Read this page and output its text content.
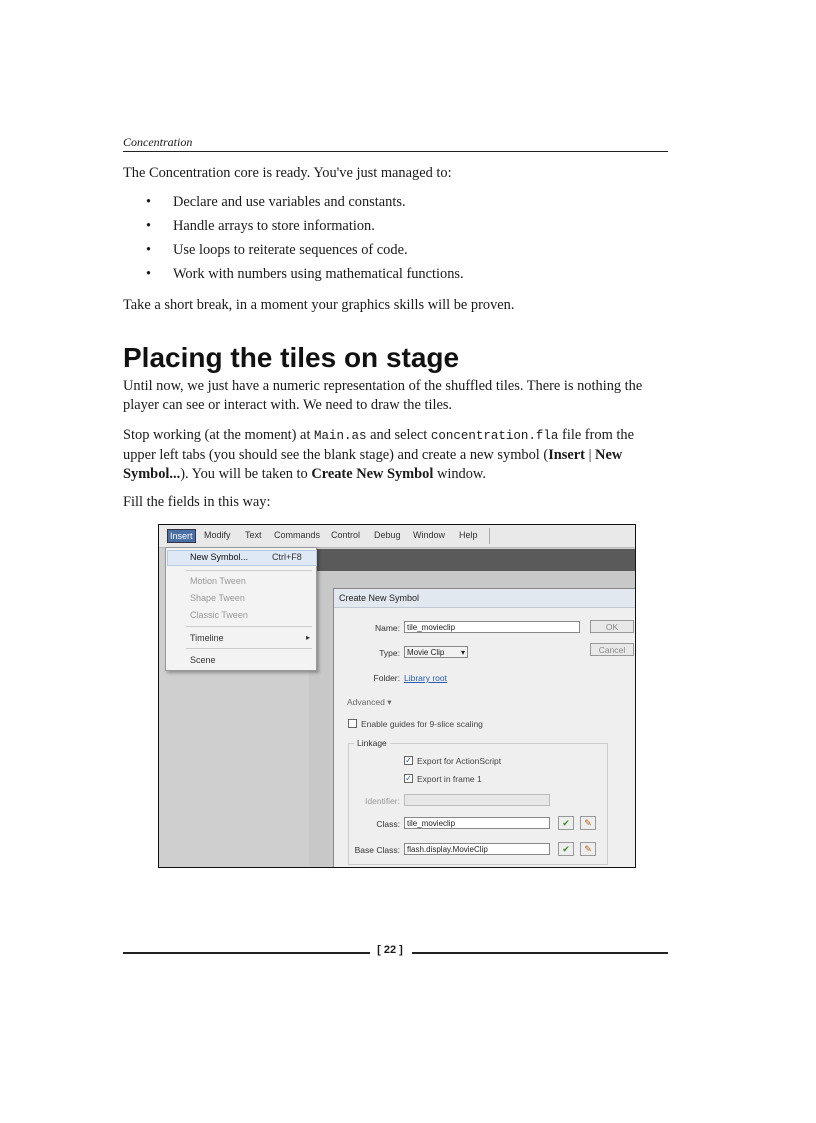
Concentration

The Concentration core is ready. You've just managed to:

• Declare and use variables and constants.
• Handle arrays to store information.
• Use loops to reiterate sequences of code.
• Work with numbers using mathematical functions.

Take a short break, in a moment your graphics skills will be proven.

Placing the tiles on stage

Until now, we just have a numeric representation of the shuffled tiles. There is nothing the player can see or interact with. We need to draw the tiles.

Stop working (at the moment) at Main.as and select concentration.fla file from the upper left tabs (you should see the blank stage) and create a new symbol (Insert | New Symbol...). You will be taken to Create New Symbol window.

Fill the fields in this way:

Insert	Modify Text Commands Control Debug Window Help
New Symbol...	Ctrl+F8
Motion Tween
Shape Tween
Classic Tween
Timeline	▸
Scene
Create New Symbol
Name: tile_movieclip	OK
Cancel
Type: Movie Clip ▾
Folder: Library root
Advanced ▾
Enable guides for 9-slice scaling
Linkage
✓ Export for ActionScript
✓ Export in frame 1
Identifier:
Class: tile_movieclip	✔	✎
Base Class: flash.display.MovieClip	✔	✎
[ 22 ]
